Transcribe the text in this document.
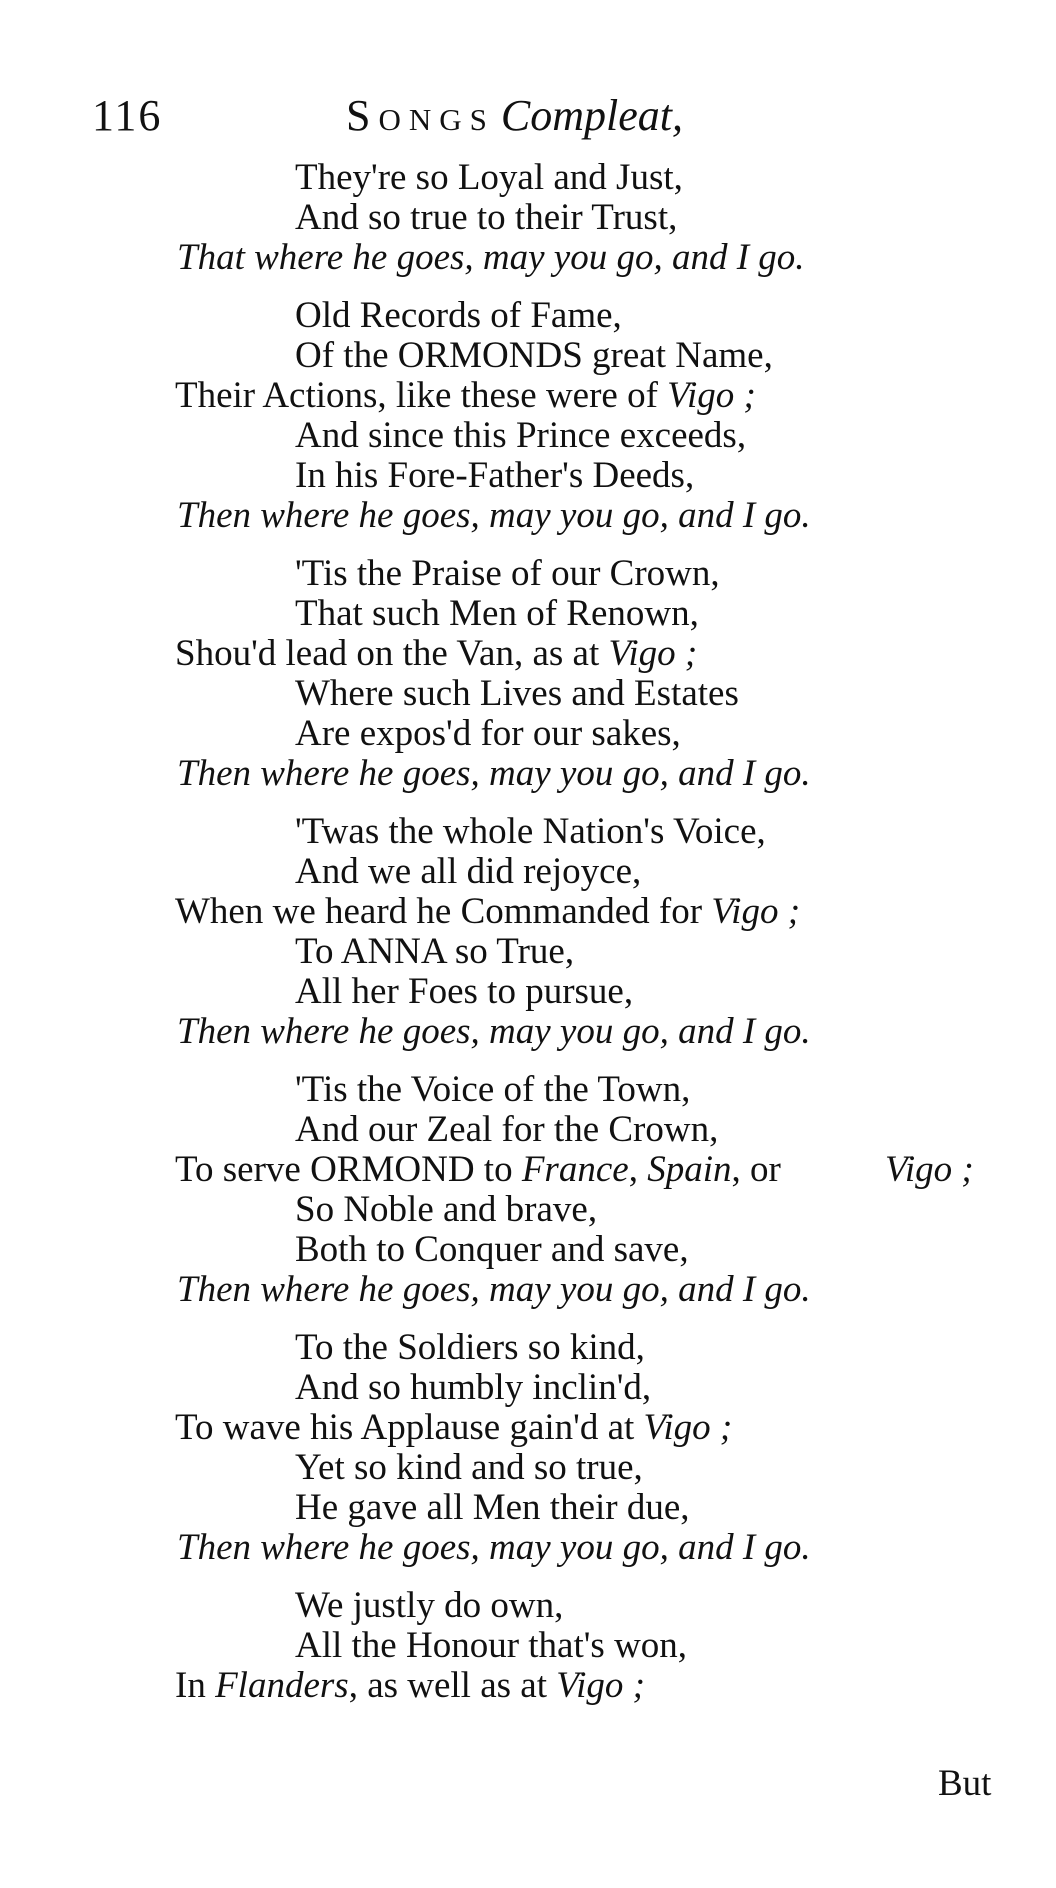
116	Songs Compleat,
They're so Loyal and Just,
And so true to their Trust,
That where he goes, may you go, and I go.
Old Records of Fame,
Of the ORMONDS great Name,
Their Actions, like these were of Vigo ;
And since this Prince exceeds,
In his Fore-Father's Deeds,
Then where he goes, may you go, and I go.
'Tis the Praise of our Crown,
That such Men of Renown,
Shou'd lead on the Van, as at Vigo ;
Where such Lives and Estates
Are expos'd for our sakes,
Then where he goes, may you go, and I go.
'Twas the whole Nation's Voice,
And we all did rejoyce,
When we heard he Commanded for Vigo ;
To ANNA so True,
All her Foes to pursue,
Then where he goes, may you go, and I go.
'Tis the Voice of the Town,
And our Zeal for the Crown,
To serve ORMOND to France, Spain, or	Vigo ;
So Noble and brave,
Both to Conquer and save,
Then where he goes, may you go, and I go.
To the Soldiers so kind,
And so humbly inclin'd,
To wave his Applause gain'd at Vigo ;
Yet so kind and so true,
He gave all Men their due,
Then where he goes, may you go, and I go.
We justly do own,
All the Honour that's won,
In Flanders, as well as at Vigo ;
But
